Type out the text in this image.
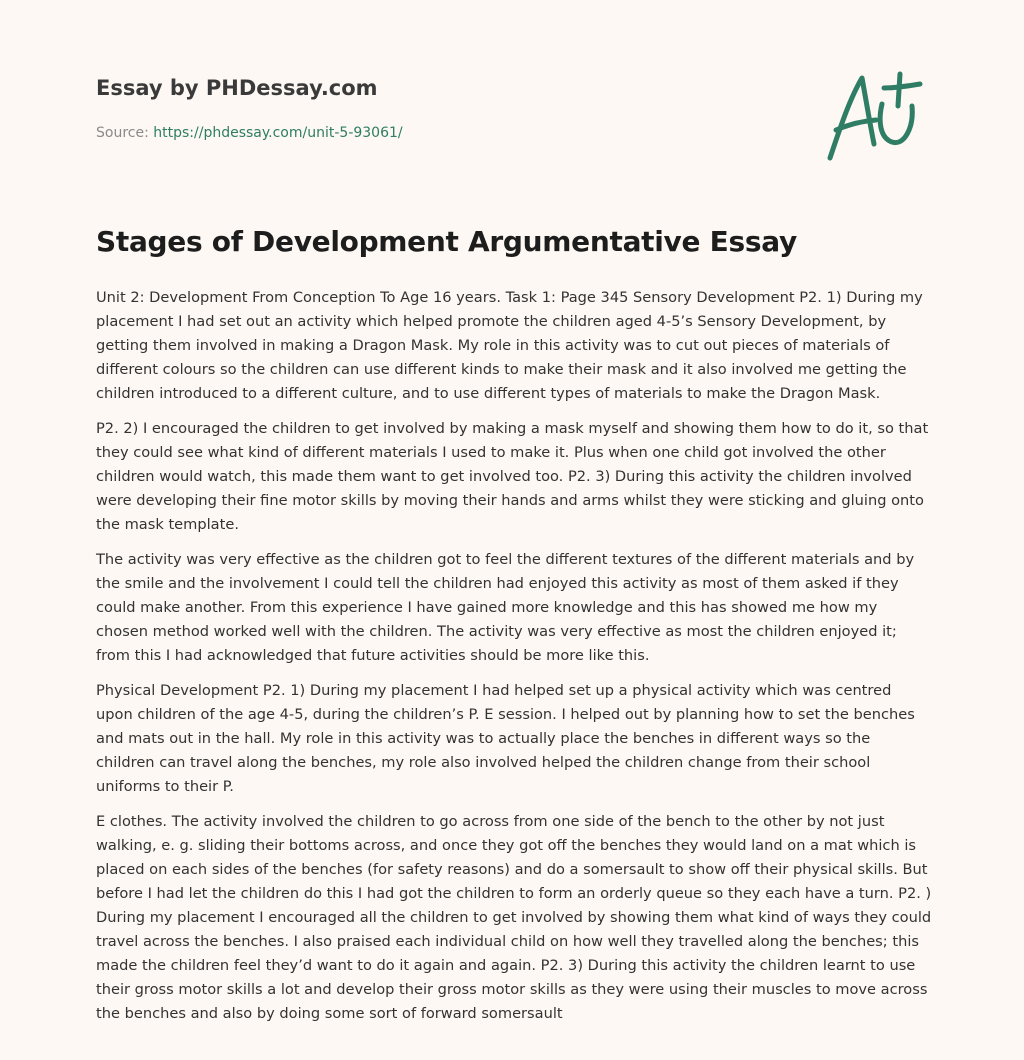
Essay by PHDessay.com
Source: https://phdessay.com/unit-5-93061/
Stages of Development Argumentative Essay

Unit 2: Development From Conception To Age 16 years. Task 1: Page 345 Sensory Development P2. 1) During my placement I had set out an activity which helped promote the children aged 4-5’s Sensory Development, by getting them involved in making a Dragon Mask. My role in this activity was to cut out pieces of materials of different colours so the children can use different kinds to make their mask and it also involved me getting the children introduced to a different culture, and to use different types of materials to make the Dragon Mask.

P2. 2) I encouraged the children to get involved by making a mask myself and showing them how to do it, so that they could see what kind of different materials I used to make it. Plus when one child got involved the other children would watch, this made them want to get involved too. P2. 3) During this activity the children involved were developing their fine motor skills by moving their hands and arms whilst they were sticking and gluing onto the mask template.

The activity was very effective as the children got to feel the different textures of the different materials and by the smile and the involvement I could tell the children had enjoyed this activity as most of them asked if they could make another. From this experience I have gained more knowledge and this has showed me how my chosen method worked well with the children. The activity was very effective as most the children enjoyed it; from this I had acknowledged that future activities should be more like this.

Physical Development P2. 1) During my placement I had helped set up a physical activity which was centred upon children of the age 4-5, during the children’s P. E session. I helped out by planning how to set the benches and mats out in the hall. My role in this activity was to actually place the benches in different ways so the children can travel along the benches, my role also involved helped the children change from their school uniforms to their P.

E clothes. The activity involved the children to go across from one side of the bench to the other by not just walking, e. g. sliding their bottoms across, and once they got off the benches they would land on a mat which is placed on each sides of the benches (for safety reasons) and do a somersault to show off their physical skills. But before I had let the children do this I had got the children to form an orderly queue so they each have a turn. P2. ) During my placement I encouraged all the children to get involved by showing them what kind of ways they could travel across the benches. I also praised each individual child on how well they travelled along the benches; this made the children feel they’d want to do it again and again. P2. 3) During this activity the children learnt to use their gross motor skills a lot and develop their gross motor skills as they were using their muscles to move across the benches and also by doing some sort of forward somersault
